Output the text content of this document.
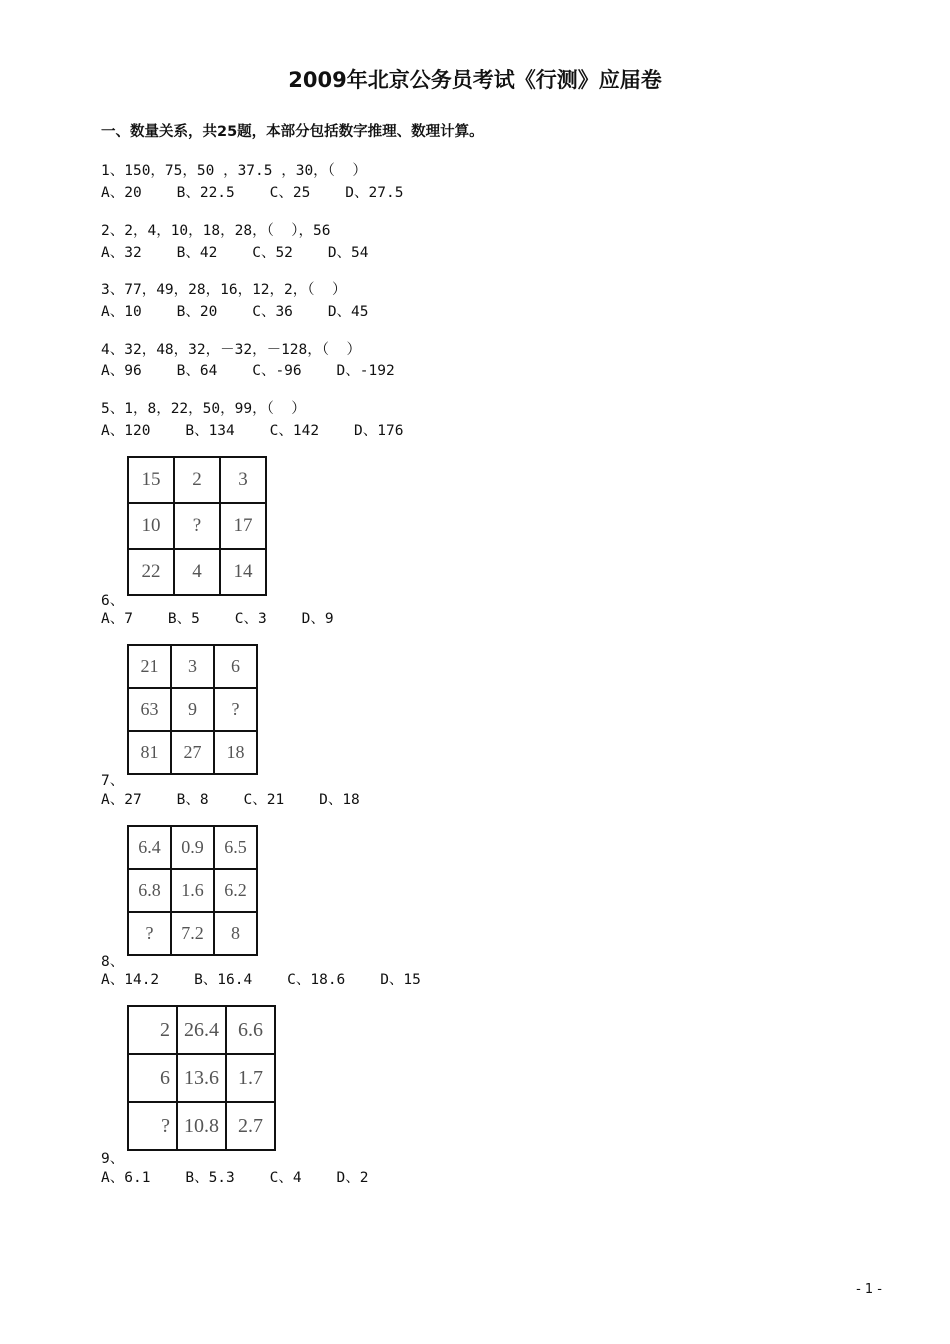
2009年北京公务员考试《行测》应届卷
一、数量关系，共25题，本部分包括数字推理、数理计算。
1、150，75，50 ，37.5 ，30，（  ）
A、20    B、22.5    C、25    D、27.5
2、2，4，10，18，28，（  ），56
A、32    B、42    C、52    D、54
3、77，49，28，16，12，2，（  ）
A、10    B、20    C、36    D、45
4、32，48，32，－32，－128，（  ）
A、96    B、64    C、-96    D、-192
5、1，8，22，50，99，（  ）
A、120    B、134    C、142    D、176
15	2	3
10	?	17
22	4	14
6、
A、7    B、5    C、3    D、9
21	3	6
63	9	?
81	27	18
7、
A、27    B、8    C、21    D、18
6.4	0.9	6.5
6.8	1.6	6.2
?	7.2	8
8、
A、14.2    B、16.4    C、18.6    D、15
2	26.4	6.6
6	13.6	1.7
?	10.8	2.7
9、
A、6.1    B、5.3    C、4    D、2
- 1 -
